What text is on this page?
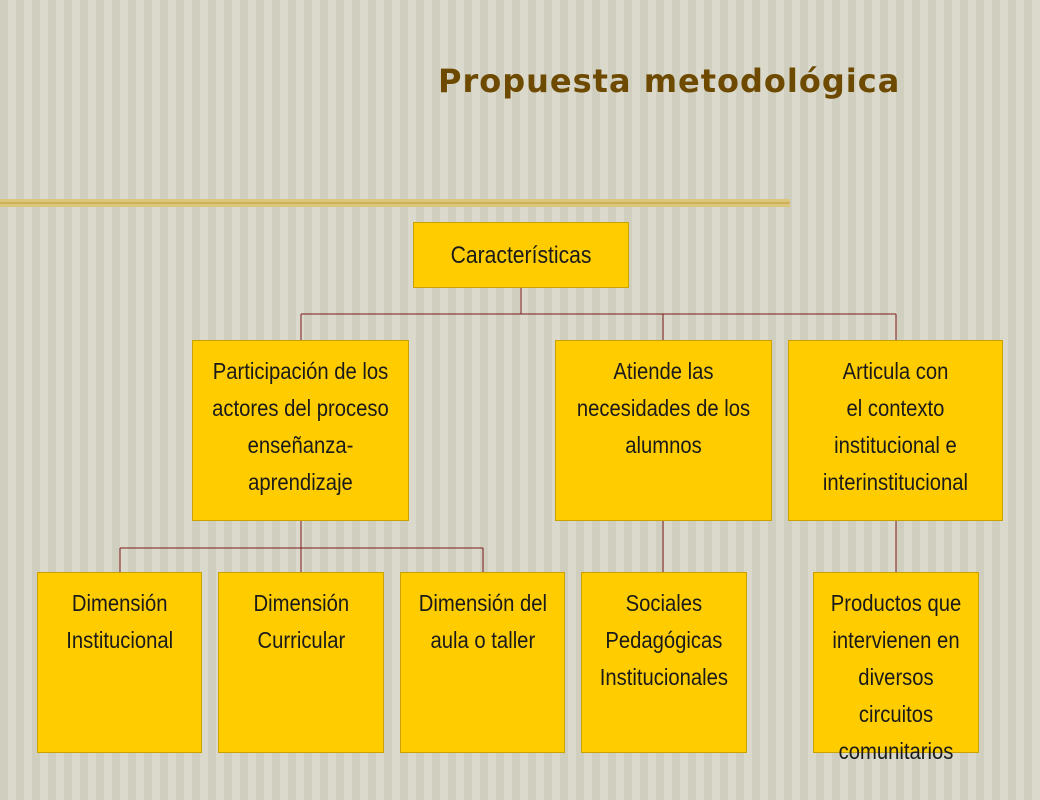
Propuesta metodológica
Características
Participación de los
actores del proceso
enseñanza-aprendizaje
Atiende las
necesidades de los
alumnos
Articula con
el contexto
institucional e
interinstitucional
Dimensión
Institucional
Dimensión
Curricular
Dimensión del
aula o taller
Sociales
Pedagógicas
Institucionales
Productos que
intervienen en
diversos circuitos
comunitarios
